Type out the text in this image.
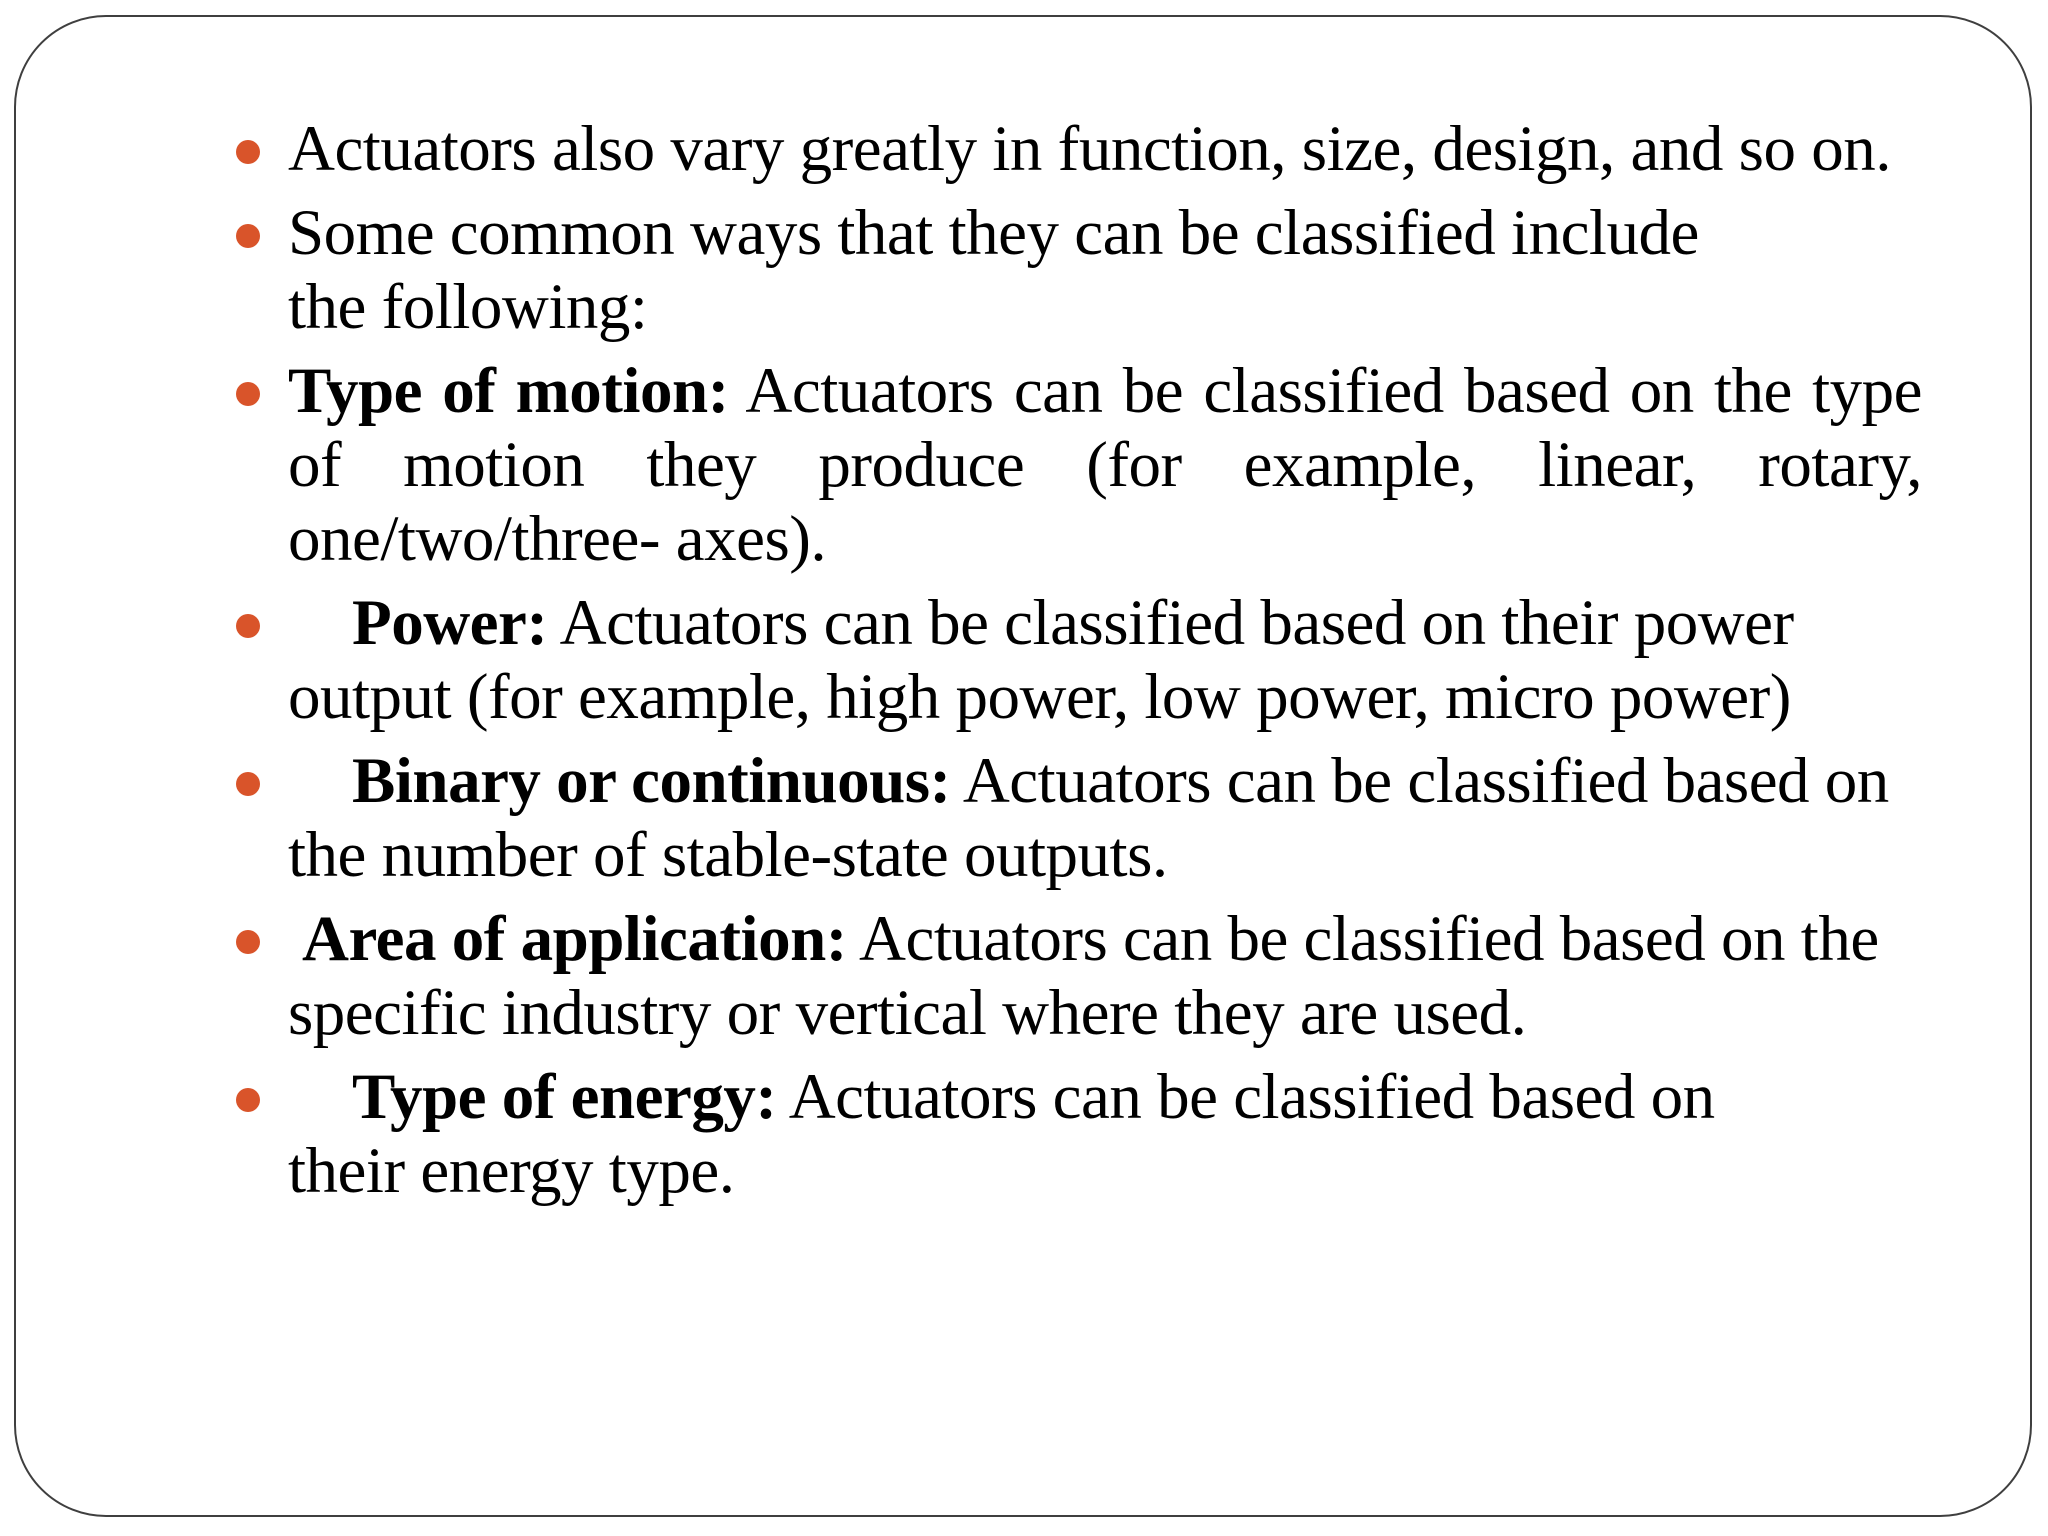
Actuators also vary greatly in function, size, design, and so on.
Some common ways that they can be classified include the following:
Type of motion: Actuators can be classified based on the type of motion they produce (for example, linear, rotary, one/two/three- axes).
Power: Actuators can be classified based on their power output (for example, high power, low power, micro power)
Binary or continuous: Actuators can be classified based on the number of stable-state outputs.
Area of application: Actuators can be classified based on the specific industry or vertical where they are used.
Type of energy: Actuators can be classified based on their energy type.
